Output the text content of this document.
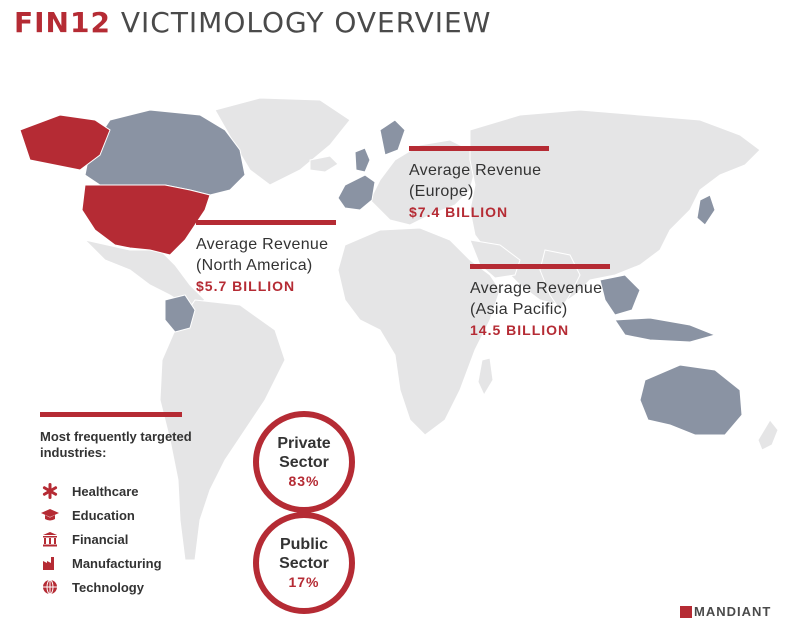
FIN12 VICTIMOLOGY OVERVIEW
Average Revenue
(North America)
$5.7 BILLION
Average Revenue
(Europe)
$7.4 BILLION
Average Revenue
(Asia Pacific)
14.5 BILLION
Most frequently targeted industries:
Healthcare
Education
Financial
Manufacturing
Technology
Private
Sector
83%
Public
Sector
17%
MANDIANT
